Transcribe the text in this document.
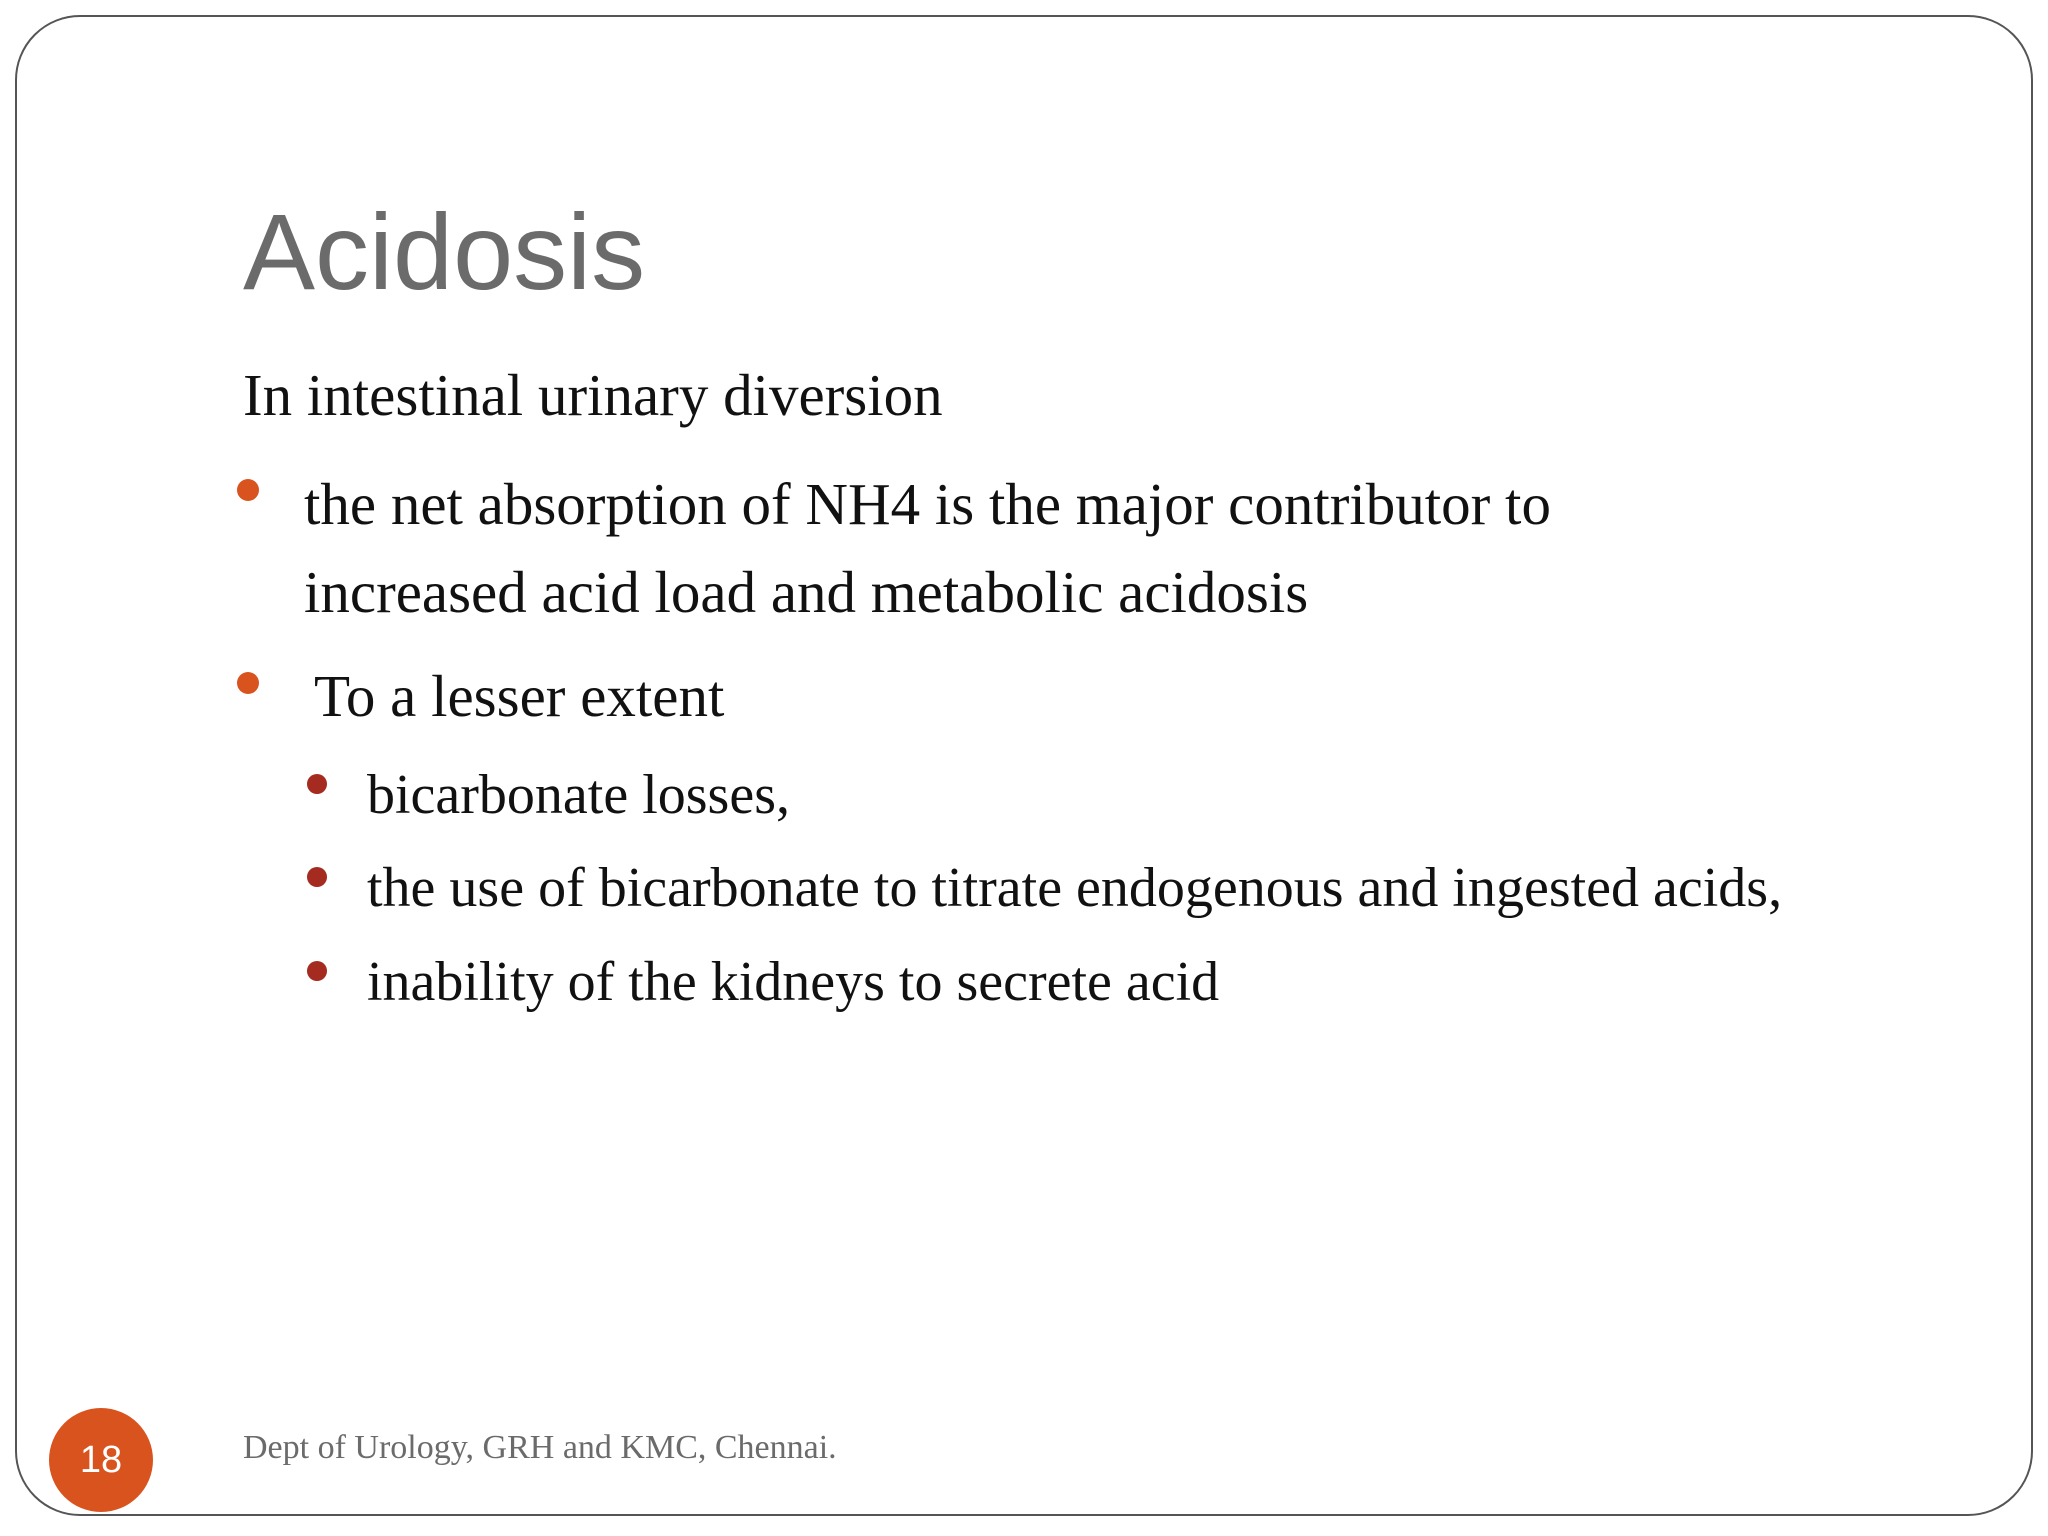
Acidosis
In intestinal urinary diversion
the net absorption of NH4 is the major contributor to
increased acid load and metabolic acidosis
To a lesser extent
bicarbonate losses,
the use of bicarbonate to titrate endogenous and ingested acids,
inability of the kidneys to secrete acid
Dept of Urology, GRH and KMC, Chennai.
18
